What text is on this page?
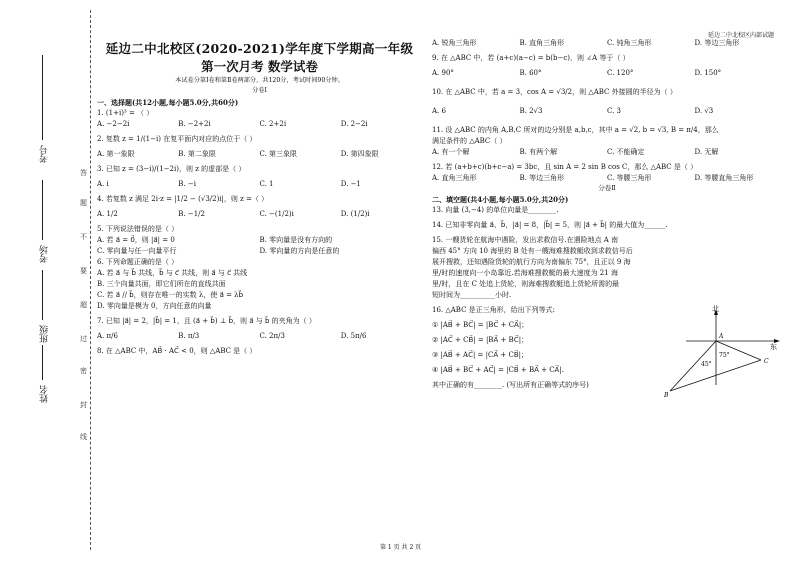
考号
考场
班级
姓名
答
题
不
要
超
过
密
封
线
延边二中北校区内部试题
延边二中北校区(2020-2021)学年度下学期高一年级
第一次月考 数学试卷
本试卷分第Ⅰ卷和第Ⅱ卷两部分，共120分，考试时间90分钟。
分卷Ⅰ
一、选择题(共12小题,每小题5.0分,共60分)
1. (1+i)³ = （ ）
A. −2−2i	B. −2+2i	C. 2+2i	D. 2−2i
2. 复数 z = 1/(1−i) 在复平面内对应的点位于（ ）
A. 第一象限	B. 第二象限	C. 第三象限	D. 第四象限
3. 已知 z = (3−i)/(1−2i)，则 z 的虚部是（ ）
A. i	B. −i	C. 1	D. −1
4. 若复数 z 满足 2i·z = |1/2 − (√3/2)i|，则 z =（ ）
A. 1/2	B. −1/2	C. −(1/2)i	D. (1/2)i
5. 下列说法错误的是（ ）
A. 若 a⃗ = 0⃗，则 |a⃗| = 0	B. 零向量是没有方向的
C. 零向量与任一向量平行	D. 零向量的方向是任意的
6. 下列命题正确的是（ ）
A. 若 a⃗ 与 b⃗ 共线，b⃗ 与 c⃗ 共线，则 a⃗ 与 c⃗ 共线
B. 三个向量共面，即它们所在的直线共面
C. 若 a⃗ // b⃗，则存在唯一的实数 λ，使 a⃗ = λb⃗
D. 零向量是模为 0，方向任意的向量
7. 已知 |a⃗| = 2，|b⃗| = 1，且 (a⃗ + b⃗) ⊥ b⃗，则 a⃗ 与 b⃗ 的夹角为（ ）
A. π/6	B. π/3	C. 2π/3	D. 5π/6
8. 在 △ABC 中，AB⃗ · AC⃗ < 0，则 △ABC 是（ ）
A. 锐角三角形	B. 直角三角形	C. 钝角三角形	D. 等边三角形
9. 在 △ABC 中，若 (a+c)(a−c) = b(b−c)，则 ∠A 等于（ ）
A. 90°	B. 60°	C. 120°	D. 150°
10. 在 △ABC 中，若 a = 3，cos A = √3/2，则 △ABC 外接圆的半径为（ ）
A. 6	B. 2√3	C. 3	D. √3
11. 设 △ABC 的内角 A,B,C 所对的边分别是 a,b,c，其中 a = √2, b = √3, B = π/4，那么
满足条件的 △ABC（ ）
A. 有一个解	B. 有两个解	C. 不能确定	D. 无解
12. 若 (a+b+c)(b+c−a) = 3bc，且 sin A = 2 sin B cos C，那么 △ABC 是（ ）
A. 直角三角形	B. 等边三角形	C. 等腰三角形	D. 等腰直角三角形
分卷Ⅱ
二、填空题(共4小题,每小题5.0分,共20分)
13. 向量 (3,−4) 的单位向量是________.
14. 已知非零向量 a⃗、b⃗，|a⃗| = 8，|b⃗| = 5，则 |a⃗ + b⃗| 的最大值为______.
15. 一艘货轮在航海中遇险，发出求救信号.在遇险地点 A 南
偏西 45° 方向 10 海里的 B 处有一艘海难搜救艇收到求救信号后
展开搜救，还知遇险货轮的航行方向为南偏东 75°，且正以 9 海
里/时的速度向一小岛靠近.若海难搜救艇的最大速度为 21 海
里/时，且在 C 处追上货轮，则海难搜救艇追上货轮所需的最
短时间为__________小时.
16. △ABC 是正三角形，给出下列等式:
① |AB⃗ + BC⃗| = |BC⃗ + CA⃗|；
② |AC⃗ + CB⃗| = |BA⃗ + BC⃗|；
③ |AB⃗ + AC⃗| = |CA⃗ + CB⃗|；
④ |AB⃗ + BC⃗ + AC⃗| = |CB⃗ + BA⃗ + CA⃗|.
其中正确的有________. (写出所有正确等式的序号)
北
东
A
B
C
45°
75°
第 1 页 共 2 页
